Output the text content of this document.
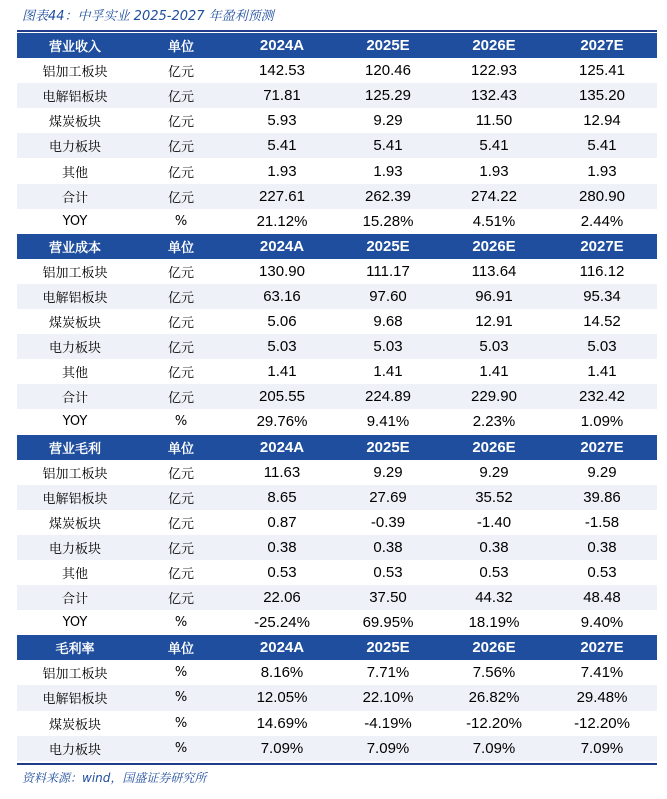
图表44：中孚实业 2025-2027 年盈利预测
营业收入	单位	2024A	2025E	2026E	2027E
铝加工板块	亿元	142.53	120.46	122.93	125.41
电解铝板块	亿元	71.81	125.29	132.43	135.20
煤炭板块	亿元	5.93	9.29	11.50	12.94
电力板块	亿元	5.41	5.41	5.41	5.41
其他	亿元	1.93	1.93	1.93	1.93
合计	亿元	227.61	262.39	274.22	280.90
YOY	%	21.12%	15.28%	4.51%	2.44%
营业成本	单位	2024A	2025E	2026E	2027E
铝加工板块	亿元	130.90	111.17	113.64	116.12
电解铝板块	亿元	63.16	97.60	96.91	95.34
煤炭板块	亿元	5.06	9.68	12.91	14.52
电力板块	亿元	5.03	5.03	5.03	5.03
其他	亿元	1.41	1.41	1.41	1.41
合计	亿元	205.55	224.89	229.90	232.42
YOY	%	29.76%	9.41%	2.23%	1.09%
营业毛利	单位	2024A	2025E	2026E	2027E
铝加工板块	亿元	11.63	9.29	9.29	9.29
电解铝板块	亿元	8.65	27.69	35.52	39.86
煤炭板块	亿元	0.87	-0.39	-1.40	-1.58
电力板块	亿元	0.38	0.38	0.38	0.38
其他	亿元	0.53	0.53	0.53	0.53
合计	亿元	22.06	37.50	44.32	48.48
YOY	%	-25.24%	69.95%	18.19%	9.40%
毛利率	单位	2024A	2025E	2026E	2027E
铝加工板块	%	8.16%	7.71%	7.56%	7.41%
电解铝板块	%	12.05%	22.10%	26.82%	29.48%
煤炭板块	%	14.69%	-4.19%	-12.20%	-12.20%
电力板块	%	7.09%	7.09%	7.09%	7.09%
资料来源：wind，国盛证券研究所
